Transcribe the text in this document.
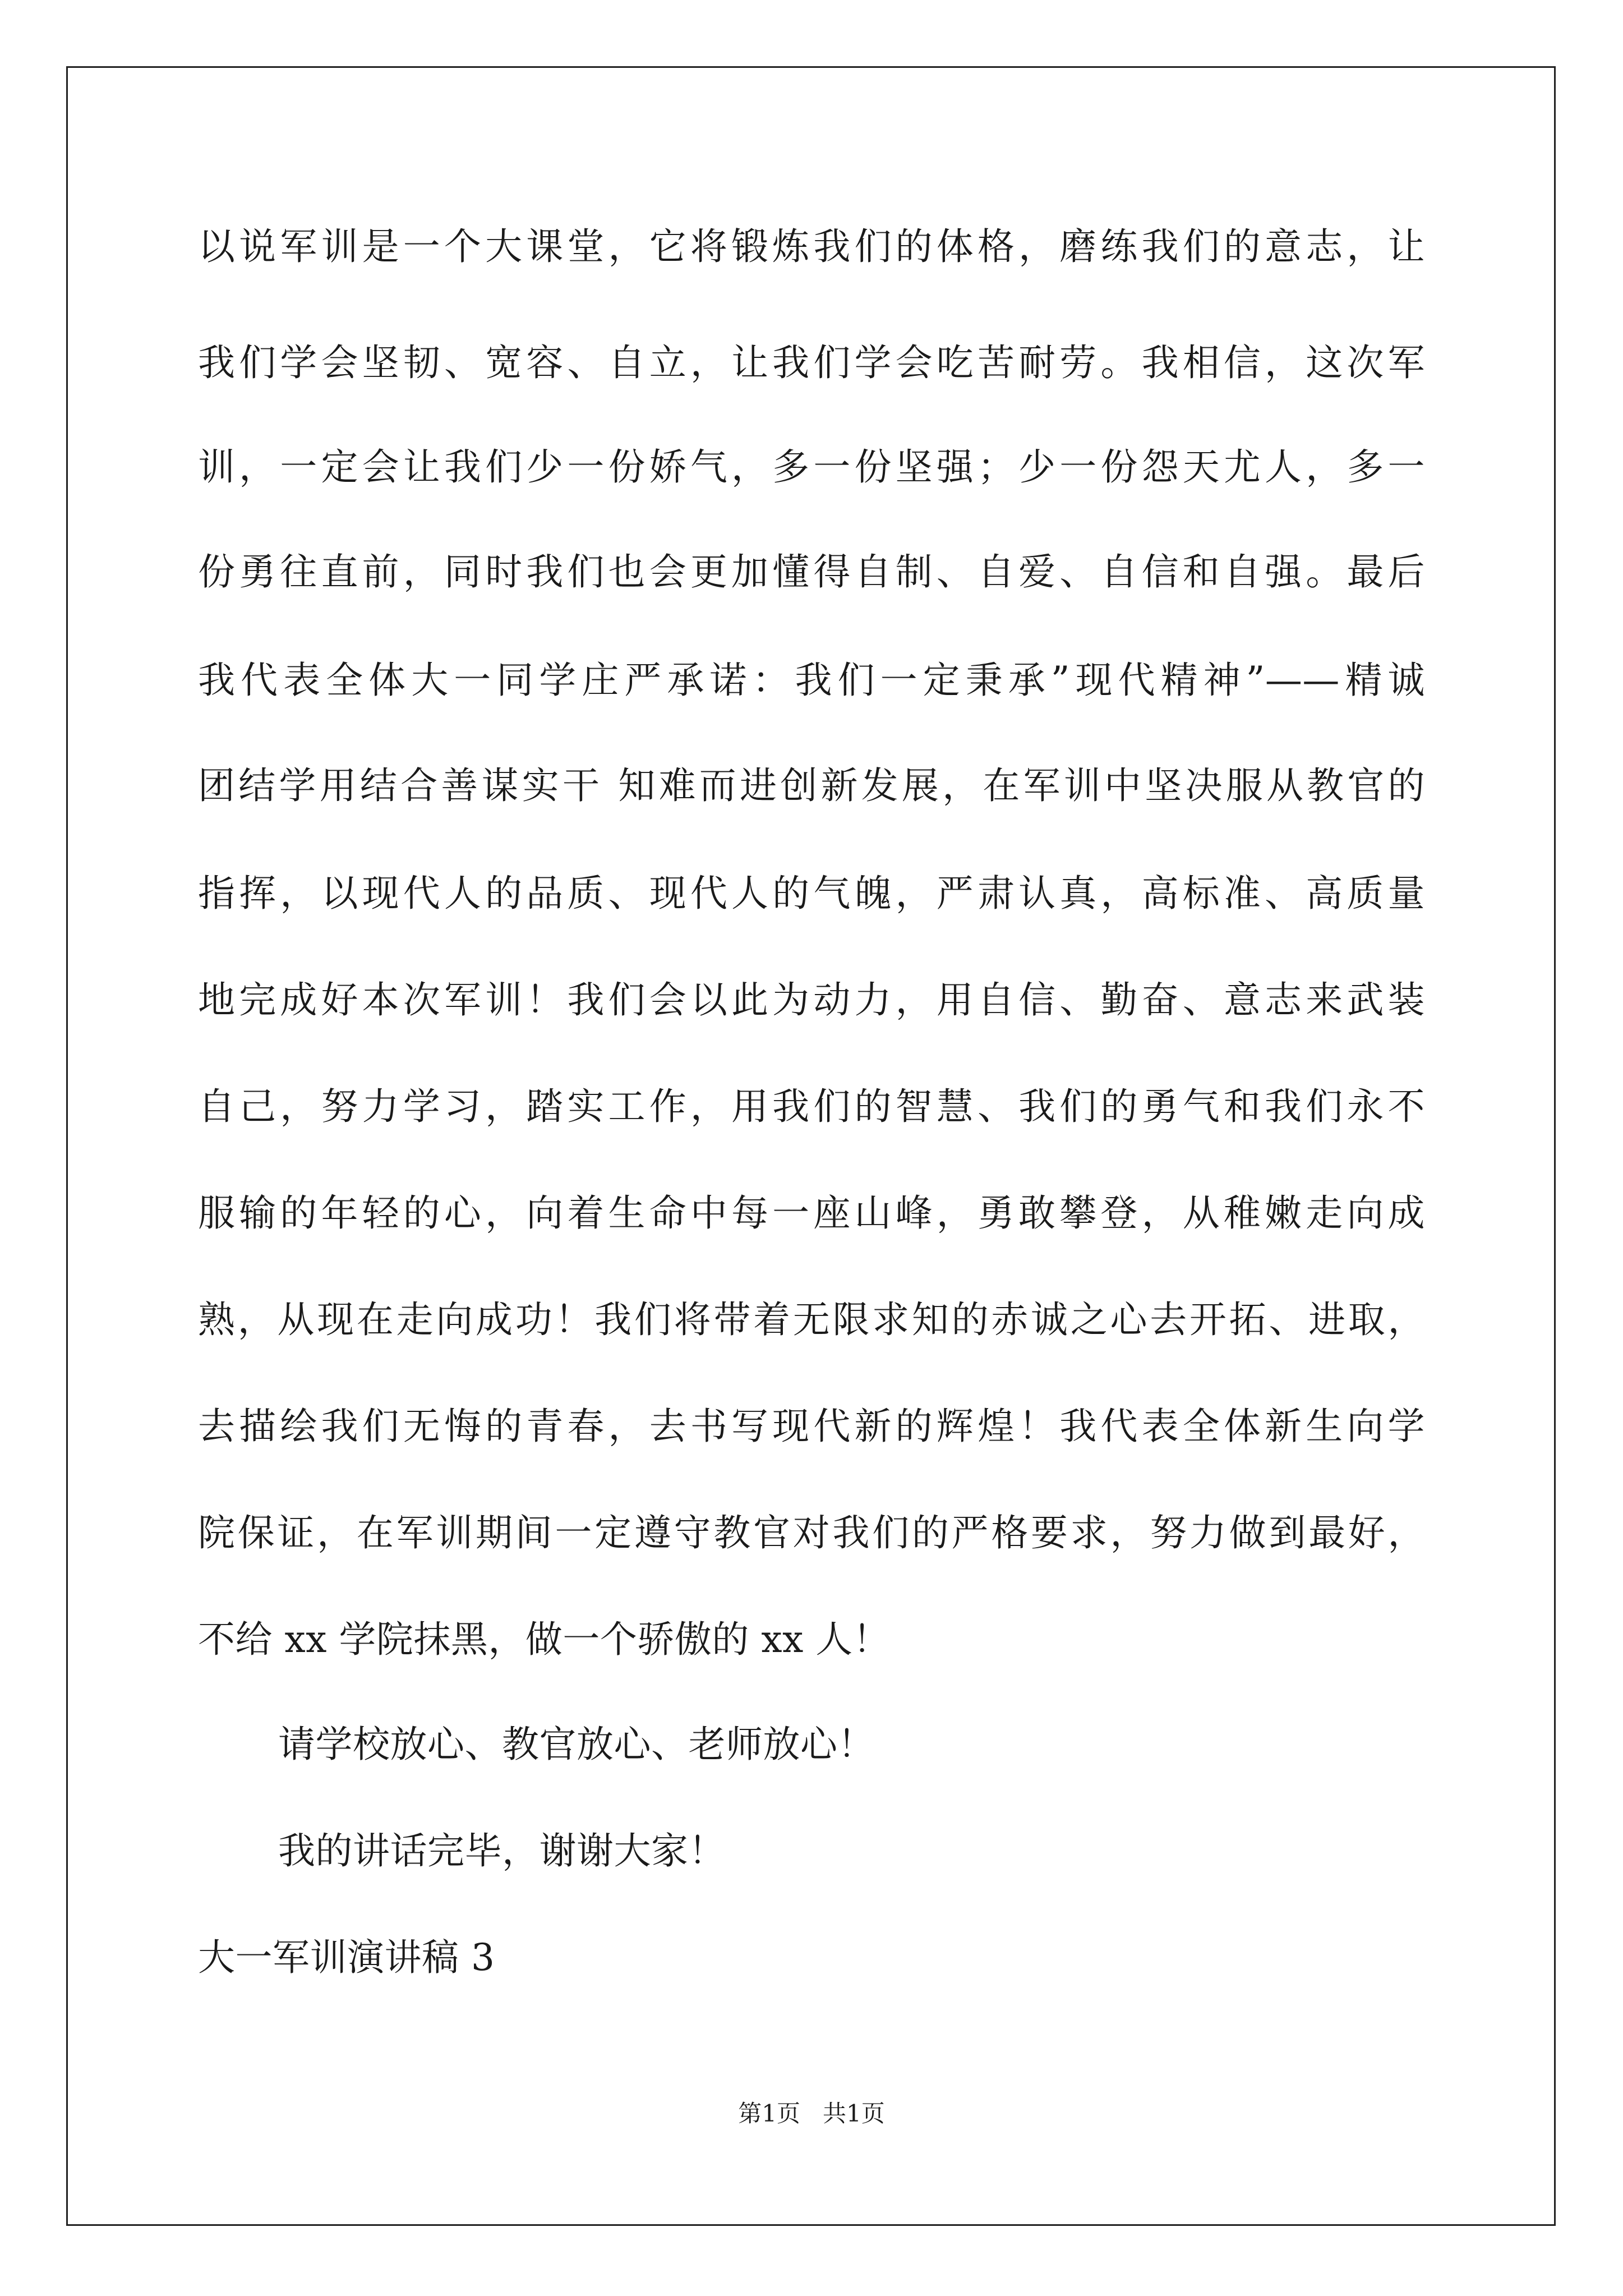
以说军训是一个大课堂，它将锻炼我们的体格，磨练我们的意志，让
我们学会坚韧、宽容、自立，让我们学会吃苦耐劳。我相信，这次军
训，一定会让我们少一份娇气，多一份坚强；少一份怨天尤人，多一
份勇往直前，同时我们也会更加懂得自制、自爱、自信和自强。最后
我代表全体大一同学庄严承诺：我们一定秉承”现代精神”——精诚
团结学用结合善谋实干 知难而进创新发展，在军训中坚决服从教官的
指挥，以现代人的品质、现代人的气魄，严肃认真，高标准、高质量
地完成好本次军训！我们会以此为动力，用自信、勤奋、意志来武装
自己，努力学习，踏实工作，用我们的智慧、我们的勇气和我们永不
服输的年轻的心，向着生命中每一座山峰，勇敢攀登，从稚嫩走向成
熟，从现在走向成功！我们将带着无限求知的赤诚之心去开拓、进取，
去描绘我们无悔的青春，去书写现代新的辉煌！我代表全体新生向学
院保证，在军训期间一定遵守教官对我们的严格要求，努力做到最好，
不给 xx 学院抹黑，做一个骄傲的 xx 人！
请学校放心、教官放心、老师放心！
我的讲话完毕，谢谢大家！
大一军训演讲稿 3
第1页   共1页
